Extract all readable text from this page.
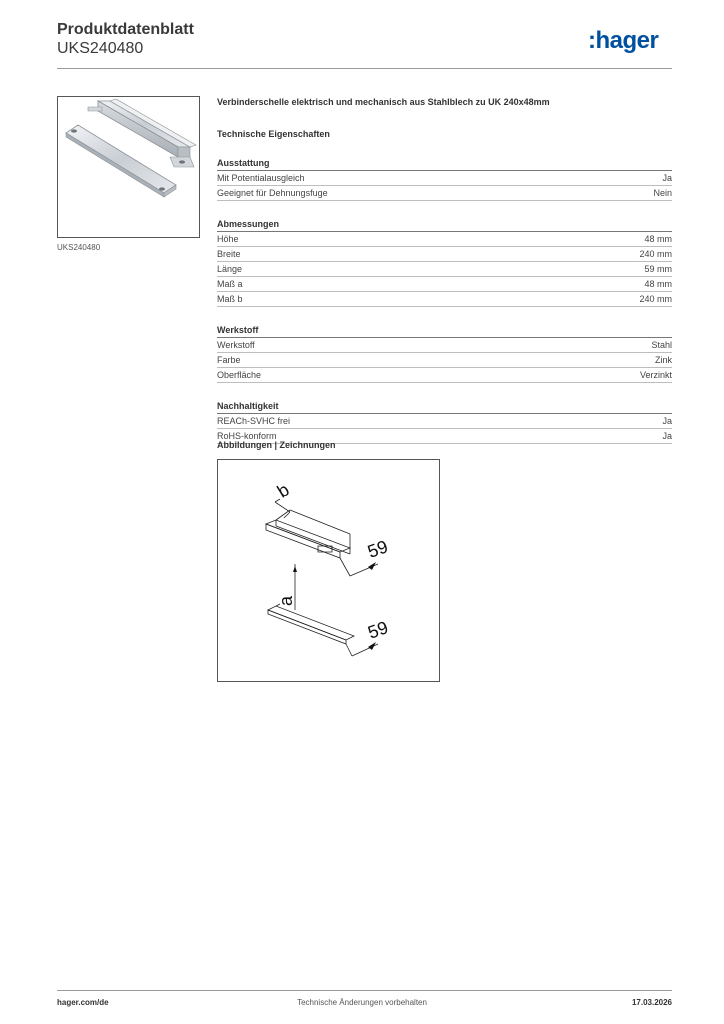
Produktdatenblatt
UKS240480	:hager
UKS240480
Verbinderschelle elektrisch und mechanisch aus Stahlblech zu UK 240x48mm
Technische Eigenschaften
Ausstattung
Mit Potentialausgleich	Ja
Geeignet für Dehnungsfuge	Nein
Abmessungen
Höhe	48 mm
Breite	240 mm
Länge	59 mm
Maß a	48 mm
Maß b	240 mm
Werkstoff
Werkstoff	Stahl
Farbe	Zink
Oberfläche	Verzinkt
Nachhaltigkeit
REACh-SVHC frei	Ja
RoHS-konform	Ja
Abbildungen | Zeichnungen
b
59
a
59
hager.com/de	Technische Änderungen vorbehalten	17.03.2026
